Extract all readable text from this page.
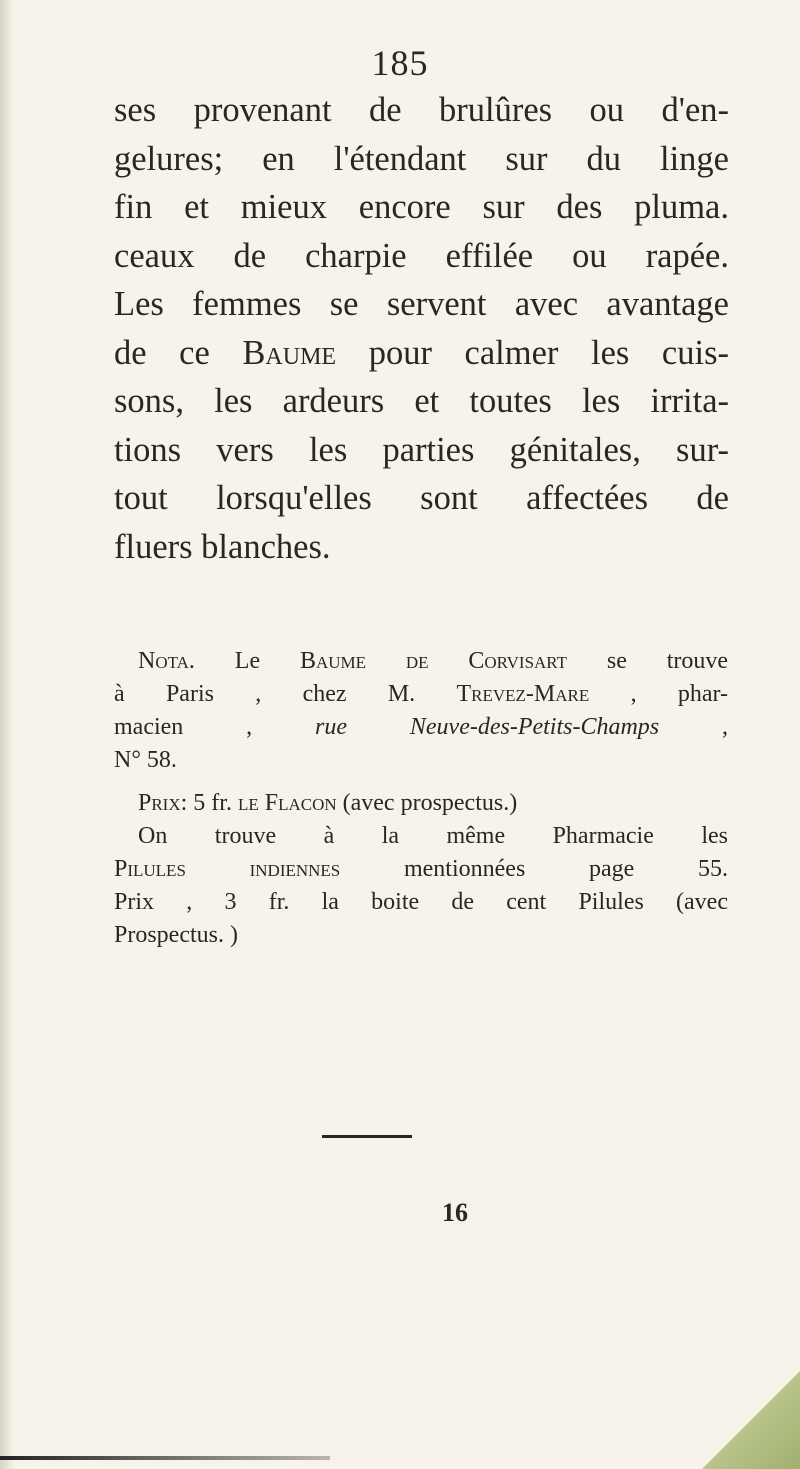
185
ses provenant de brulûres ou d'en-
gelures; en l'étendant sur du linge
fin et mieux encore sur des pluma.
ceaux de charpie effilée ou rapée.
Les femmes se servent avec avantage
de ce Baume pour calmer les cuis-
sons, les ardeurs et toutes les irrita-
tions vers les parties génitales, sur-
tout lorsqu'elles sont affectées de
fluers blanches.
Nota. Le Baume de Corvisart se trouve
à Paris , chez M. Trevez-Mare , phar-
macien ,	rue	Neuve-des-Petits-Champs	,
N° 58.
Prix: 5 fr. le Flacon (avec prospectus.)
On trouve à la même Pharmacie les
Pilules indiennes	mentionnées page 55.
Prix , 3 fr. la boite de cent Pilules (avec
Prospectus. )
16
